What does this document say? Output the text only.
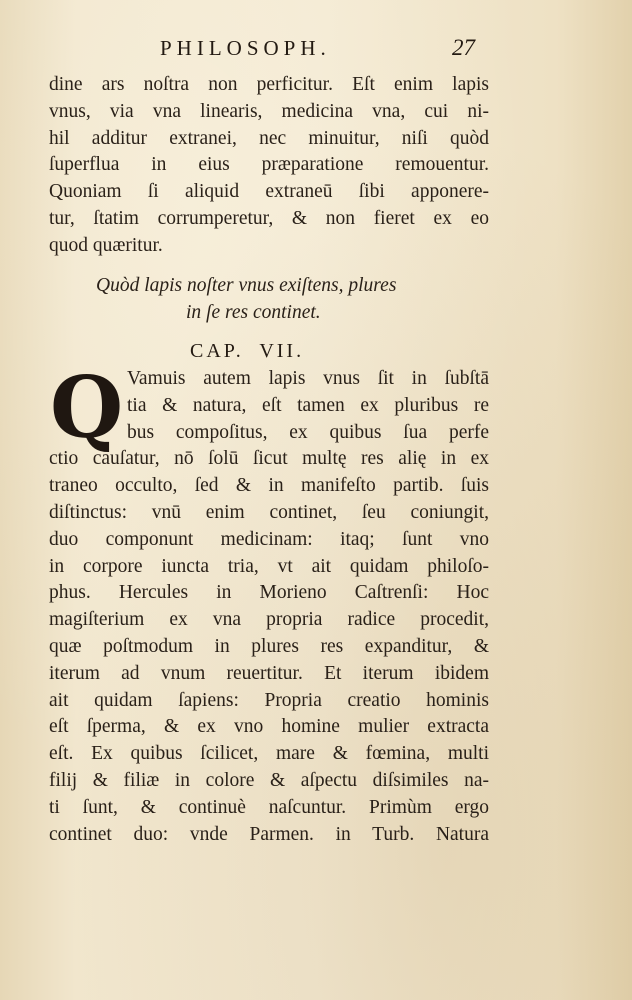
PHILOSOPH.	27
dine ars noſtra non perficitur. Eſt enim lapis
vnus, via vna linearis, medicina vna, cui ni-
hil additur extranei, nec minuitur, niſi quòd
ſuperflua in eius præparatione remouentur.
Quoniam ſi aliquid extraneū ſibi apponere-
tur, ſtatim corrumperetur, & non fieret ex eo
quod quæritur.
Quòd lapis noſter vnus exiſtens, plures
in ſe res continet.
CAP. VII.
Q Vamuis autem lapis vnus ſit in ſubſtā
tia & natura, eſt tamen ex pluribus re
bus compoſitus, ex quibus ſua perfe
ctio cauſatur, nō ſolū ſicut multę res alię in ex
traneo occulto, ſed & in manifeſto partib. ſuis
diſtinctus: vnū enim continet, ſeu coniungit,
duo componunt medicinam: itaq; ſunt vno
in corpore iuncta tria, vt ait quidam philoſo-
phus. Hercules in Morieno Caſtrenſi: Hoc
magiſterium ex vna propria radice procedit,
quæ poſtmodum in plures res expanditur, &
iterum ad vnum reuertitur. Et iterum ibidem
ait quidam ſapiens: Propria creatio hominis
eſt ſperma, & ex vno homine mulier extracta
eſt. Ex quibus ſcilicet, mare & fœmina, multi
filij & filiæ in colore & aſpectu diſsimiles na-
ti ſunt, & continuè naſcuntur. Primùm ergo
continet duo: vnde Parmen. in Turb. Natura
